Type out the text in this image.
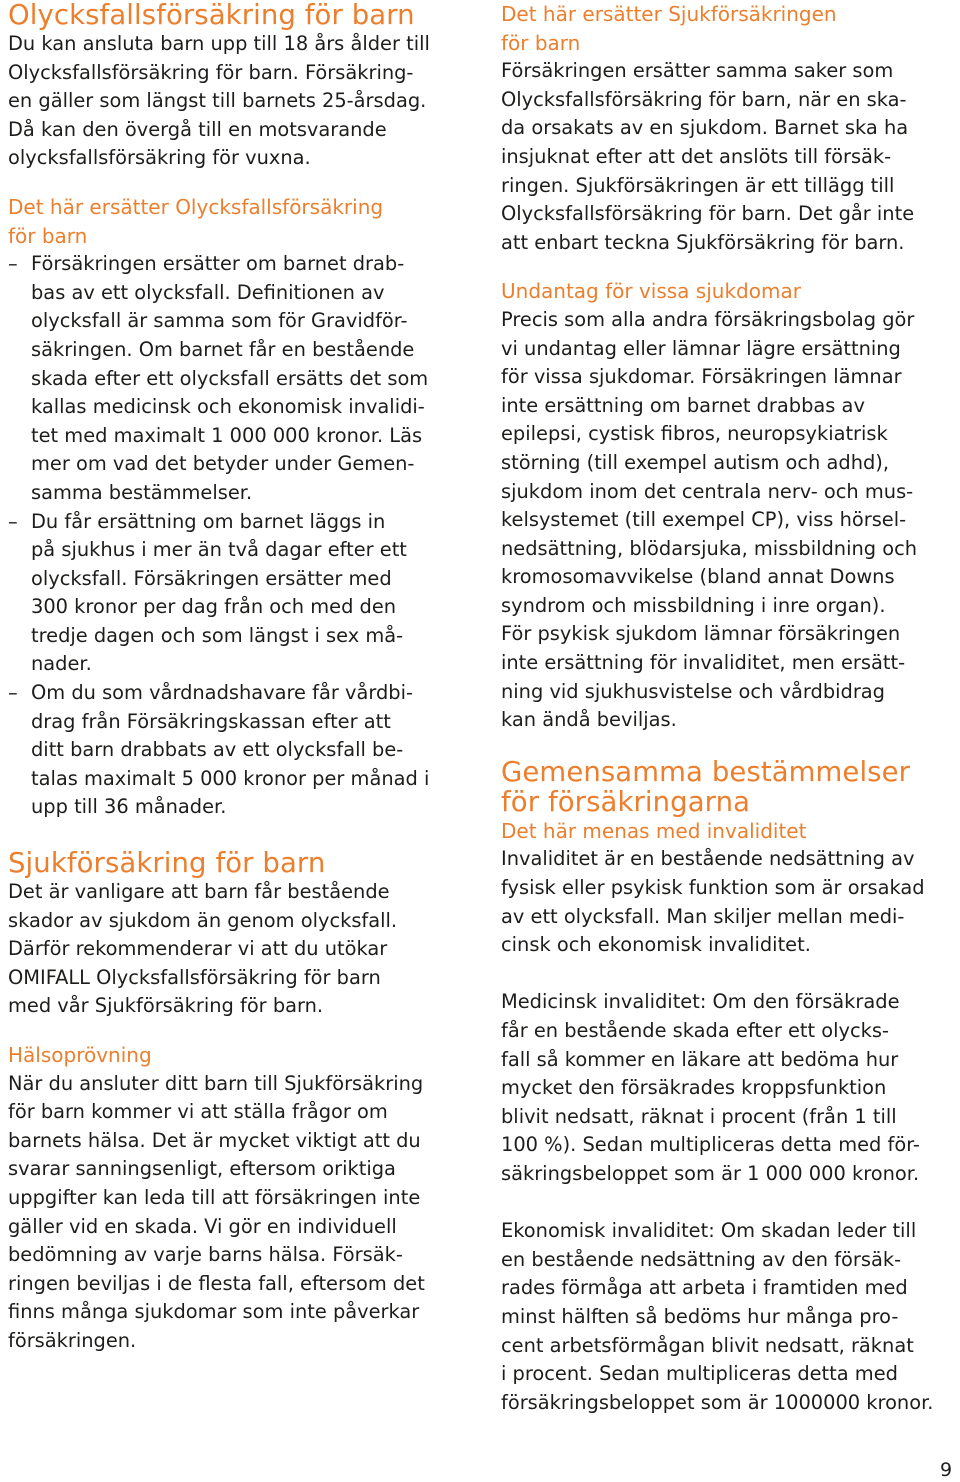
Olycksfallsförsäkring för barn

Du kan ansluta barn upp till 18 års ålder till
Olycksfallsförsäkring för barn. Försäkring-
en gäller som längst till barnets 25-årsdag.
Då kan den övergå till en motsvarande
olycksfallsförsäkring för vuxna.

Det här ersätter Olycksfallsförsäkring
för barn
– Försäkringen ersätter om barnet drab-
bas av ett olycksfall. Definitionen av
olycksfall är samma som för Gravidför-
säkringen. Om barnet får en bestående
skada efter ett olycksfall ersätts det som
kallas medicinsk och ekonomisk invalidi-
tet med maximalt 1 000 000 kronor. Läs
mer om vad det betyder under Gemen-
samma bestämmelser.
– Du får ersättning om barnet läggs in
på sjukhus i mer än två dagar efter ett
olycksfall. Försäkringen ersätter med
300 kronor per dag från och med den
tredje dagen och som längst i sex må-
nader.
– Om du som vårdnadshavare får vårdbi-
drag från Försäkringskassan efter att
ditt barn drabbats av ett olycksfall be-
talas maximalt 5 000 kronor per månad i
upp till 36 månader.
Sjukförsäkring för barn

Det är vanligare att barn får bestående
skador av sjukdom än genom olycksfall.
Därför rekommenderar vi att du utökar
OMIFALL Olycksfallsförsäkring för barn
med vår Sjukförsäkring för barn.

Hälsoprövning

När du ansluter ditt barn till Sjukförsäkring
för barn kommer vi att ställa frågor om
barnets hälsa. Det är mycket viktigt att du
svarar sanningsenligt, eftersom oriktiga
uppgifter kan leda till att försäkringen inte
gäller vid en skada. Vi gör en individuell
bedömning av varje barns hälsa. Försäk-
ringen beviljas i de flesta fall, eftersom det
finns många sjukdomar som inte påverkar
försäkringen.

Det här ersätter Sjukförsäkringen
för barn

Försäkringen ersätter samma saker som
Olycksfallsförsäkring för barn, när en ska-
da orsakats av en sjukdom. Barnet ska ha
insjuknat efter att det anslöts till försäk-
ringen. Sjukförsäkringen är ett tillägg till
Olycksfallsförsäkring för barn. Det går inte
att enbart teckna Sjukförsäkring för barn.

Undantag för vissa sjukdomar

Precis som alla andra försäkringsbolag gör
vi undantag eller lämnar lägre ersättning
för vissa sjukdomar. Försäkringen lämnar
inte ersättning om barnet drabbas av
epilepsi, cystisk fibros, neuropsykiatrisk
störning (till exempel autism och adhd),
sjukdom inom det centrala nerv- och mus-
kelsystemet (till exempel CP), viss hörsel-
nedsättning, blödarsjuka, missbildning och
kromosomavvikelse (bland annat Downs
syndrom och missbildning i inre organ).
För psykisk sjukdom lämnar försäkringen
inte ersättning för invaliditet, men ersätt-
ning vid sjukhusvistelse och vårdbidrag
kan ändå beviljas.

Gemensamma bestämmelser
för försäkringarna
Det här menas med invaliditet

Invaliditet är en bestående nedsättning av
fysisk eller psykisk funktion som är orsakad
av ett olycksfall. Man skiljer mellan medi-
cinsk och ekonomisk invaliditet.

Medicinsk invaliditet: Om den försäkrade
får en bestående skada efter ett olycks-
fall så kommer en läkare att bedöma hur
mycket den försäkrades kroppsfunktion
blivit nedsatt, räknat i procent (från 1 till
100 %). Sedan multipliceras detta med för-
säkringsbeloppet som är 1 000 000 kronor.

Ekonomisk invaliditet: Om skadan leder till
en bestående nedsättning av den försäk-
rades förmåga att arbeta i framtiden med
minst hälften så bedöms hur många pro-
cent arbetsförmågan blivit nedsatt, räknat
i procent. Sedan multipliceras detta med
försäkringsbeloppet som är 1000000 kronor.

9
